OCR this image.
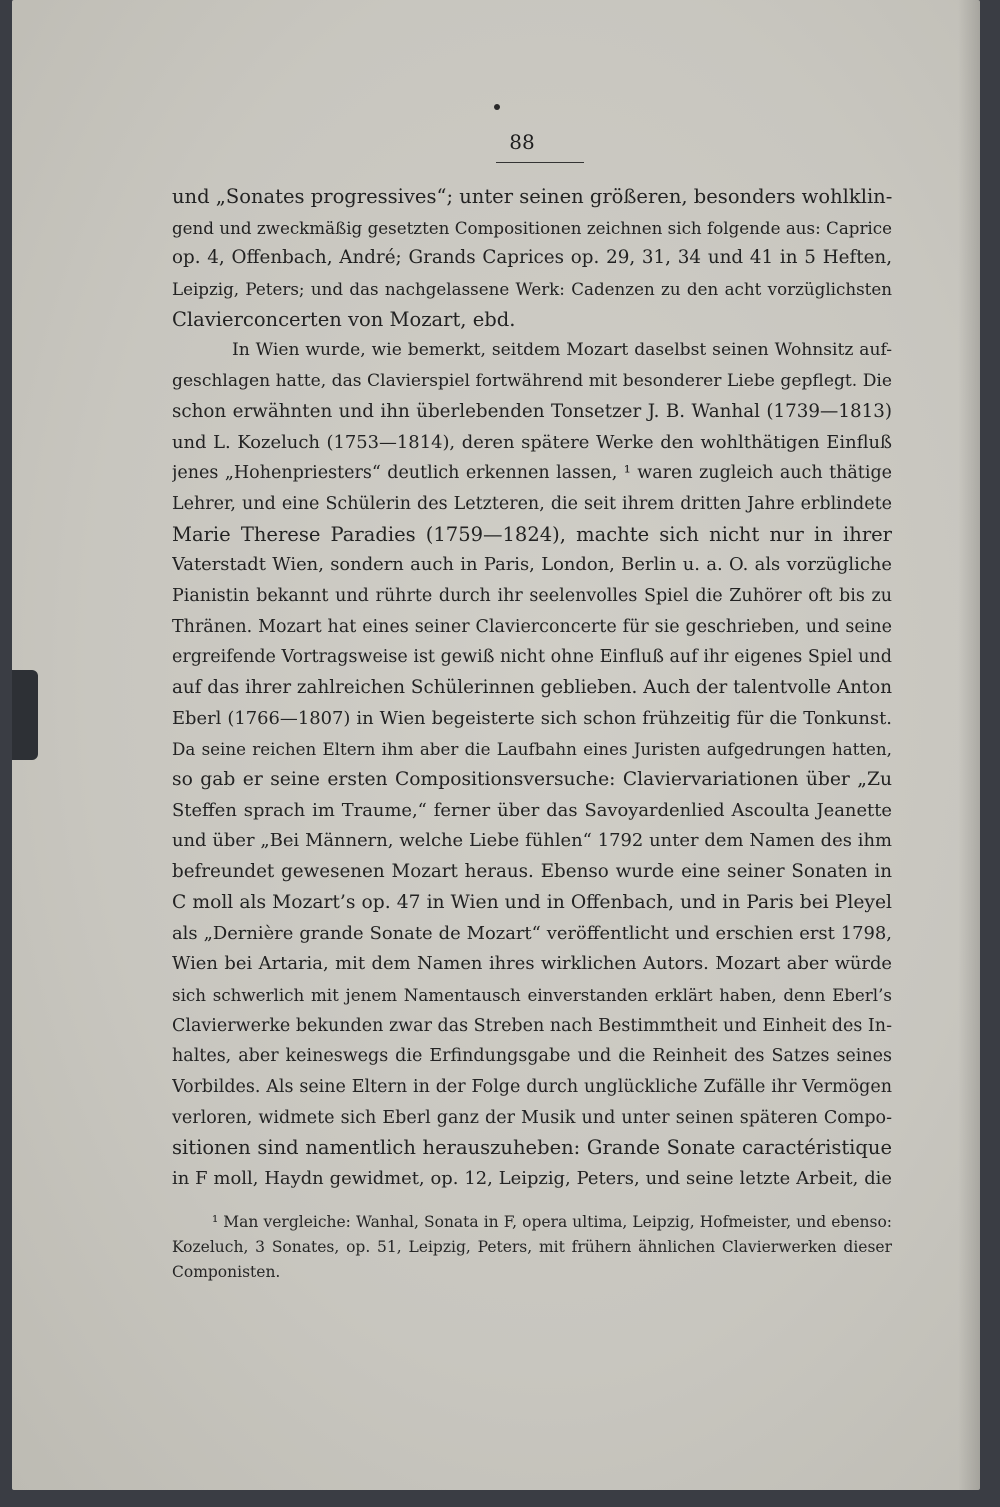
88
und „Sonates progressives“; unter seinen größeren, besonders wohlklin-
gend und zweckmäßig gesetzten Compositionen zeichnen sich folgende aus: Caprice
op. 4, Offenbach, André; Grands Caprices op. 29, 31, 34 und 41 in 5 Heften,
Leipzig, Peters; und das nachgelassene Werk: Cadenzen zu den acht vorzüglichsten
Clavierconcerten von Mozart, ebd.
In Wien wurde, wie bemerkt, seitdem Mozart daselbst seinen Wohnsitz auf-
geschlagen hatte, das Clavierspiel fortwährend mit besonderer Liebe gepflegt. Die
schon erwähnten und ihn überlebenden Tonsetzer J. B. Wanhal (1739—1813)
und L. Kozeluch (1753—1814), deren spätere Werke den wohlthätigen Einfluß
jenes „Hohenpriesters“ deutlich erkennen lassen, ¹ waren zugleich auch thätige
Lehrer, und eine Schülerin des Letzteren, die seit ihrem dritten Jahre erblindete
Marie Therese Paradies (1759—1824), machte sich nicht nur in ihrer
Vaterstadt Wien, sondern auch in Paris, London, Berlin u. a. O. als vorzügliche
Pianistin bekannt und rührte durch ihr seelenvolles Spiel die Zuhörer oft bis zu
Thränen. Mozart hat eines seiner Clavierconcerte für sie geschrieben, und seine
ergreifende Vortragsweise ist gewiß nicht ohne Einfluß auf ihr eigenes Spiel und
auf das ihrer zahlreichen Schülerinnen geblieben. Auch der talentvolle Anton
Eberl (1766—1807) in Wien begeisterte sich schon frühzeitig für die Tonkunst.
Da seine reichen Eltern ihm aber die Laufbahn eines Juristen aufgedrungen hatten,
so gab er seine ersten Compositionsversuche: Claviervariationen über „Zu
Steffen sprach im Traume,“ ferner über das Savoyardenlied Ascoulta Jeanette
und über „Bei Männern, welche Liebe fühlen“ 1792 unter dem Namen des ihm
befreundet gewesenen Mozart heraus. Ebenso wurde eine seiner Sonaten in
C moll als Mozart’s op. 47 in Wien und in Offenbach, und in Paris bei Pleyel
als „Dernière grande Sonate de Mozart“ veröffentlicht und erschien erst 1798,
Wien bei Artaria, mit dem Namen ihres wirklichen Autors. Mozart aber würde
sich schwerlich mit jenem Namentausch einverstanden erklärt haben, denn Eberl’s
Clavierwerke bekunden zwar das Streben nach Bestimmtheit und Einheit des In-
haltes, aber keineswegs die Erfindungsgabe und die Reinheit des Satzes seines
Vorbildes. Als seine Eltern in der Folge durch unglückliche Zufälle ihr Vermögen
verloren, widmete sich Eberl ganz der Musik und unter seinen späteren Compo-
sitionen sind namentlich herauszuheben: Grande Sonate caractéristique
in F moll, Haydn gewidmet, op. 12, Leipzig, Peters, und seine letzte Arbeit, die
¹ Man vergleiche: Wanhal, Sonata in F, opera ultima, Leipzig, Hofmeister, und ebenso:
Kozeluch, 3 Sonates, op. 51, Leipzig, Peters, mit frühern ähnlichen Clavierwerken dieser
Componisten.
